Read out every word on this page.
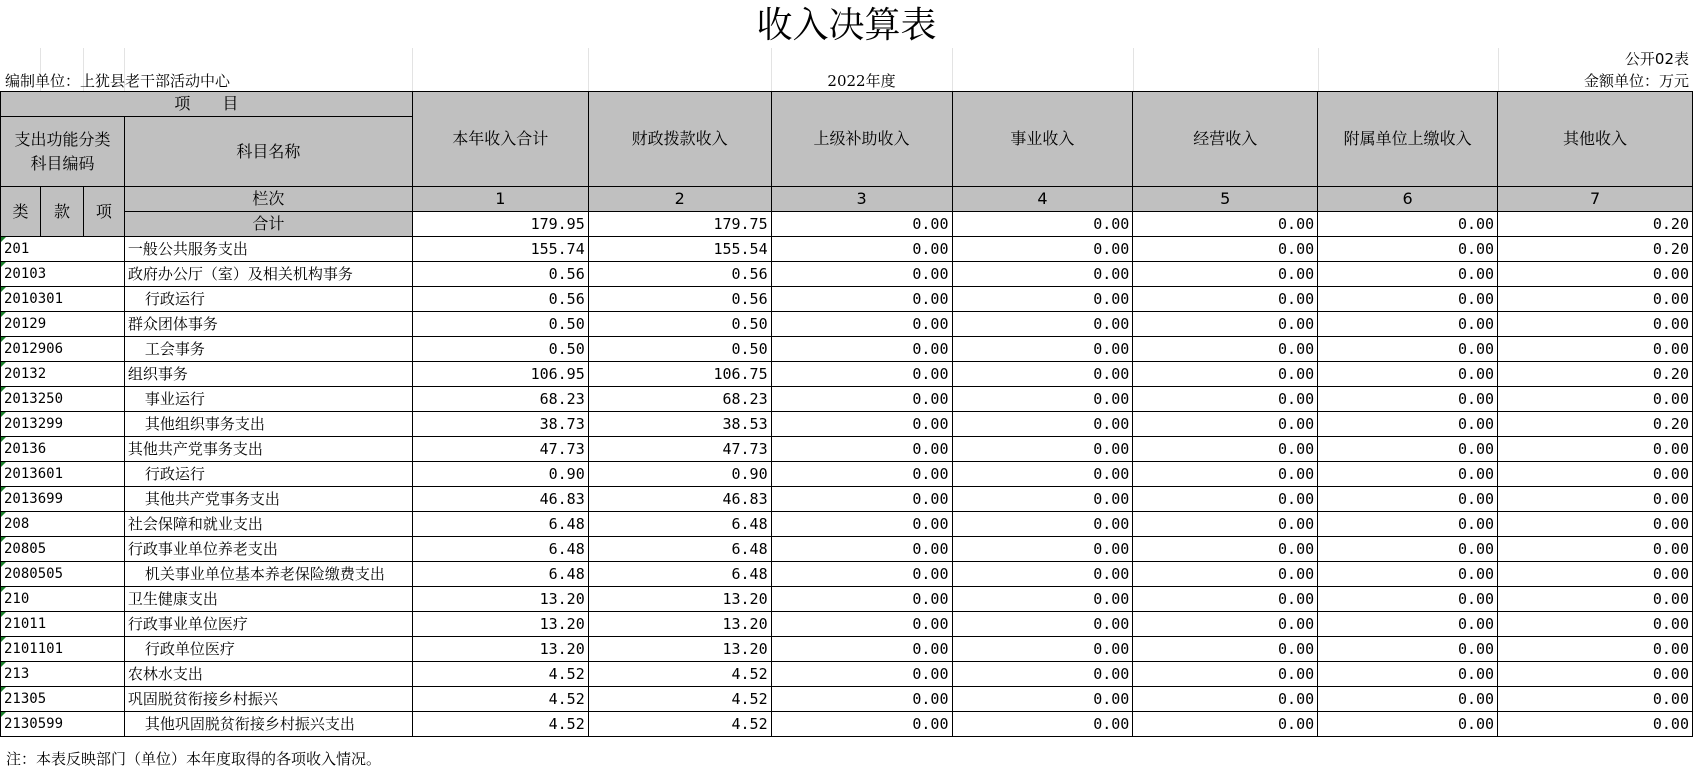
收入决算表
公开02表
编制单位：上犹县老干部活动中心	2022年度	金额单位：万元
项　　目				本年收入合计	财政拨款收入	上级补助收入	事业收入	经营收入	附属单位上缴收入	其他收入
支出功能分类科目编码			科目名称							

类	款	项	栏次	1	2	3	4	5	6	7
			合计	179.95	179.75	0.00	0.00	0.00	0.00	0.20
201			一般公共服务支出	155.74	155.54	0.00	0.00	0.00	0.00	0.20
20103			政府办公厅（室）及相关机构事务	0.56	0.56	0.00	0.00	0.00	0.00	0.00
2010301			行政运行	0.56	0.56	0.00	0.00	0.00	0.00	0.00
20129			群众团体事务	0.50	0.50	0.00	0.00	0.00	0.00	0.00
2012906			工会事务	0.50	0.50	0.00	0.00	0.00	0.00	0.00
20132			组织事务	106.95	106.75	0.00	0.00	0.00	0.00	0.20
2013250			事业运行	68.23	68.23	0.00	0.00	0.00	0.00	0.00
2013299			其他组织事务支出	38.73	38.53	0.00	0.00	0.00	0.00	0.20
20136			其他共产党事务支出	47.73	47.73	0.00	0.00	0.00	0.00	0.00
2013601			行政运行	0.90	0.90	0.00	0.00	0.00	0.00	0.00
2013699			其他共产党事务支出	46.83	46.83	0.00	0.00	0.00	0.00	0.00
208			社会保障和就业支出	6.48	6.48	0.00	0.00	0.00	0.00	0.00
20805			行政事业单位养老支出	6.48	6.48	0.00	0.00	0.00	0.00	0.00
2080505			机关事业单位基本养老保险缴费支出	6.48	6.48	0.00	0.00	0.00	0.00	0.00
210			卫生健康支出	13.20	13.20	0.00	0.00	0.00	0.00	0.00
21011			行政事业单位医疗	13.20	13.20	0.00	0.00	0.00	0.00	0.00
2101101			行政单位医疗	13.20	13.20	0.00	0.00	0.00	0.00	0.00
213			农林水支出	4.52	4.52	0.00	0.00	0.00	0.00	0.00
21305			巩固脱贫衔接乡村振兴	4.52	4.52	0.00	0.00	0.00	0.00	0.00
2130599			其他巩固脱贫衔接乡村振兴支出	4.52	4.52	0.00	0.00	0.00	0.00	0.00
注：本表反映部门（单位）本年度取得的各项收入情况。
